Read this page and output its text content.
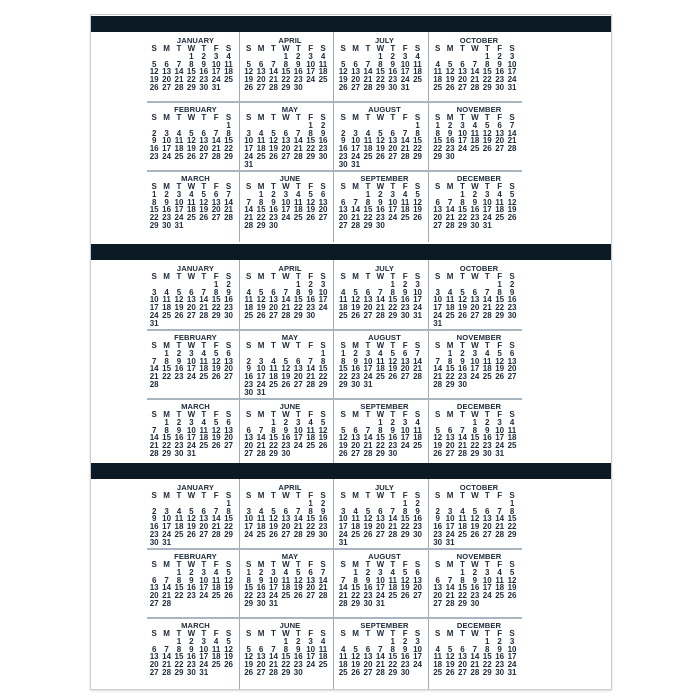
JANUARY
S M T W T F S
1 2 3 4
5 6 7 8 9 10 11
12 13 14 15 16 17 18
19 20 21 22 23 24 25
26 27 28 29 30 31
FEBRUARY
S M T W T F S
1
2 3 4 5 6 7 8
9 10 11 12 13 14 15
16 17 18 19 20 21 22
23 24 25 26 27 28 29
MARCH
S M T W T F S
1 2 3 4 5 6 7
8 9 10 11 12 13 14
15 16 17 18 19 20 21
22 23 24 25 26 27 28
29 30 31
APRIL
S M T W T F S
1 2 3 4
5 6 7 8 9 10 11
12 13 14 15 16 17 18
19 20 21 22 23 24 25
26 27 28 29 30
MAY
S M T W T F S
1 2
3 4 5 6 7 8 9
10 11 12 13 14 15 16
17 18 19 20 21 22 23
24 25 26 27 28 29 30
31
JUNE
S M T W T F S
1 2 3 4 5 6
7 8 9 10 11 12 13
14 15 16 17 18 19 20
21 22 23 24 25 26 27
28 29 30
JULY
S M T W T F S
1 2 3 4
5 6 7 8 9 10 11
12 13 14 15 16 17 18
19 20 21 22 23 24 25
26 27 28 29 30 31
AUGUST
S M T W T F S
1
2 3 4 5 6 7 8
9 10 11 12 13 14 15
16 17 18 19 20 21 22
23 24 25 26 27 28 29
30 31
SEPTEMBER
S M T W T F S
1 2 3 4 5
6 7 8 9 10 11 12
13 14 15 16 17 18 19
20 21 22 23 24 25 26
27 28 29 30
OCTOBER
S M T W T F S
1 2 3
4 5 6 7 8 9 10
11 12 13 14 15 16 17
18 19 20 21 22 23 24
25 26 27 28 29 30 31
NOVEMBER
S M T W T F S
1 2 3 4 5 6 7
8 9 10 11 12 13 14
15 16 17 18 19 20 21
22 23 24 25 26 27 28
29 30
DECEMBER
S M T W T F S
1 2 3 4 5
6 7 8 9 10 11 12
13 14 15 16 17 18 19
20 21 22 23 24 25 26
27 28 29 30 31
JANUARY
S M T W T F S
1 2
3 4 5 6 7 8 9
10 11 12 13 14 15 16
17 18 19 20 21 22 23
24 25 26 27 28 29 30
31
FEBRUARY
S M T W T F S
1 2 3 4 5 6
7 8 9 10 11 12 13
14 15 16 17 18 19 20
21 22 23 24 25 26 27
28
MARCH
S M T W T F S
1 2 3 4 5 6
7 8 9 10 11 12 13
14 15 16 17 18 19 20
21 22 23 24 25 26 27
28 29 30 31
APRIL
S M T W T F S
1 2 3
4 5 6 7 8 9 10
11 12 13 14 15 16 17
18 19 20 21 22 23 24
25 26 27 28 29 30
MAY
S M T W T F S
1
2 3 4 5 6 7 8
9 10 11 12 13 14 15
16 17 18 19 20 21 22
23 24 25 26 27 28 29
30 31
JUNE
S M T W T F S
1 2 3 4 5
6 7 8 9 10 11 12
13 14 15 16 17 18 19
20 21 22 23 24 25 26
27 28 29 30
JULY
S M T W T F S
1 2 3
4 5 6 7 8 9 10
11 12 13 14 15 16 17
18 19 20 21 22 23 24
25 26 27 28 29 30 31
AUGUST
S M T W T F S
1 2 3 4 5 6 7
8 9 10 11 12 13 14
15 16 17 18 19 20 21
22 23 24 25 26 27 28
29 30 31
SEPTEMBER
S M T W T F S
1 2 3 4
5 6 7 8 9 10 11
12 13 14 15 16 17 18
19 20 21 22 23 24 25
26 27 28 29 30
OCTOBER
S M T W T F S
1 2
3 4 5 6 7 8 9
10 11 12 13 14 15 16
17 18 19 20 21 22 23
24 25 26 27 28 29 30
31
NOVEMBER
S M T W T F S
1 2 3 4 5 6
7 8 9 10 11 12 13
14 15 16 17 18 19 20
21 22 23 24 25 26 27
28 29 30
DECEMBER
S M T W T F S
1 2 3 4
5 6 7 8 9 10 11
12 13 14 15 16 17 18
19 20 21 22 23 24 25
26 27 28 29 30 31
JANUARY
S M T W T F S
1
2 3 4 5 6 7 8
9 10 11 12 13 14 15
16 17 18 19 20 21 22
23 24 25 26 27 28 29
30 31
FEBRUARY
S M T W T F S
1 2 3 4 5
6 7 8 9 10 11 12
13 14 15 16 17 18 19
20 21 22 23 24 25 26
27 28
MARCH
S M T W T F S
1 2 3 4 5
6 7 8 9 10 11 12
13 14 15 16 17 18 19
20 21 22 23 24 25 26
27 28 29 30 31
APRIL
S M T W T F S
1 2
3 4 5 6 7 8 9
10 11 12 13 14 15 16
17 18 19 20 21 22 23
24 25 26 27 28 29 30
MAY
S M T W T F S
1 2 3 4 5 6 7
8 9 10 11 12 13 14
15 16 17 18 19 20 21
22 23 24 25 26 27 28
29 30 31
JUNE
S M T W T F S
1 2 3 4
5 6 7 8 9 10 11
12 13 14 15 16 17 18
19 20 21 22 23 24 25
26 27 28 29 30
JULY
S M T W T F S
1 2
3 4 5 6 7 8 9
10 11 12 13 14 15 16
17 18 19 20 21 22 23
24 25 26 27 28 29 30
31
AUGUST
S M T W T F S
1 2 3 4 5 6
7 8 9 10 11 12 13
14 15 16 17 18 19 20
21 22 23 24 25 26 27
28 29 30 31
SEPTEMBER
S M T W T F S
1 2 3
4 5 6 7 8 9 10
11 12 13 14 15 16 17
18 19 20 21 22 23 24
25 26 27 28 29 30
OCTOBER
S M T W T F S
1
2 3 4 5 6 7 8
9 10 11 12 13 14 15
16 17 18 19 20 21 22
23 24 25 26 27 28 29
30 31
NOVEMBER
S M T W T F S
1 2 3 4 5
6 7 8 9 10 11 12
13 14 15 16 17 18 19
20 21 22 23 24 25 26
27 28 29 30
DECEMBER
S M T W T F S
1 2 3
4 5 6 7 8 9 10
11 12 13 14 15 16 17
18 19 20 21 22 23 24
25 26 27 28 29 30 31
